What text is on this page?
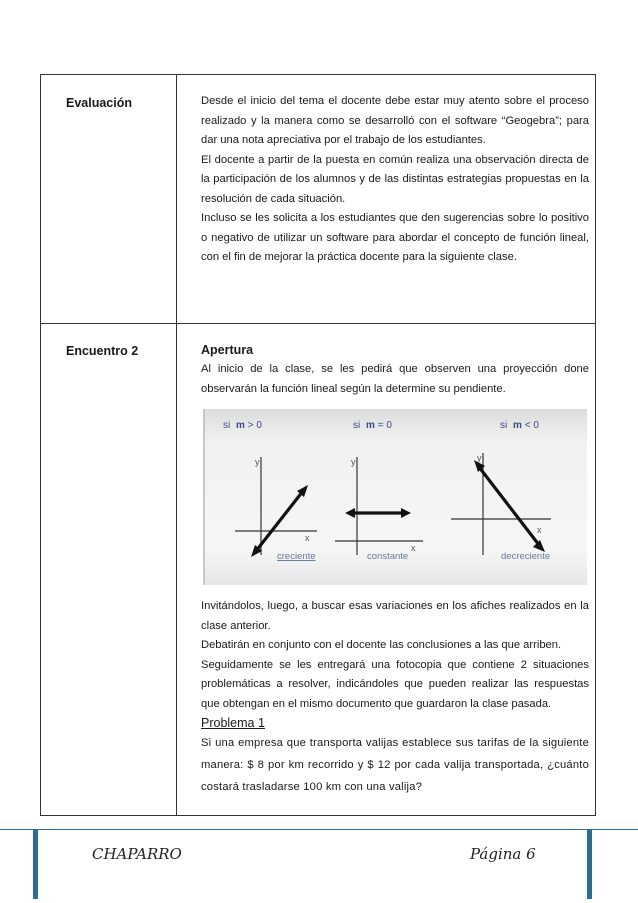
Evaluación	Desde el inicio del tema el docente debe estar muy atento sobre el proceso realizado y la manera como se desarrolló con el software “Geogebra”; para dar una nota apreciativa por el trabajo de los estudiantes.

El docente a partir de la puesta en común realiza una observación directa de la participación de los alumnos y de las distintas estrategias propuestas en la resolución de cada situación.

Incluso se les solicita a los estudiantes que den sugerencias sobre lo positivo o negativo de utilizar un software para abordar el concepto de función lineal, con el fin de mejorar la práctica docente para la siguiente clase.

Encuentro 2	Apertura

Al inicio de la clase, se les pedirá que observen una proyección done observarán la función lineal según la determine su pendiente.

si m > 0
y
x
creciente
si m = 0
y
x
constante
si m < 0
y
x
decreciente

Invitándolos, luego, a buscar esas variaciones en los afiches realizados en la clase anterior.

Debatirán en conjunto con el docente las conclusiones a las que arriben.

Seguidamente se les entregará una fotocopia que contiene 2 situaciones problemáticas a resolver, indicándoles que pueden realizar las respuestas que obtengan en el mismo documento que guardaron la clase pasada.

Problema 1

Si una empresa que transporta valijas establece sus tarifas de la siguiente manera: $ 8 por km recorrido y $ 12 por cada valija transportada, ¿cuánto costará trasladarse 100 km con una valija?

CHAPARRO	Página 6
